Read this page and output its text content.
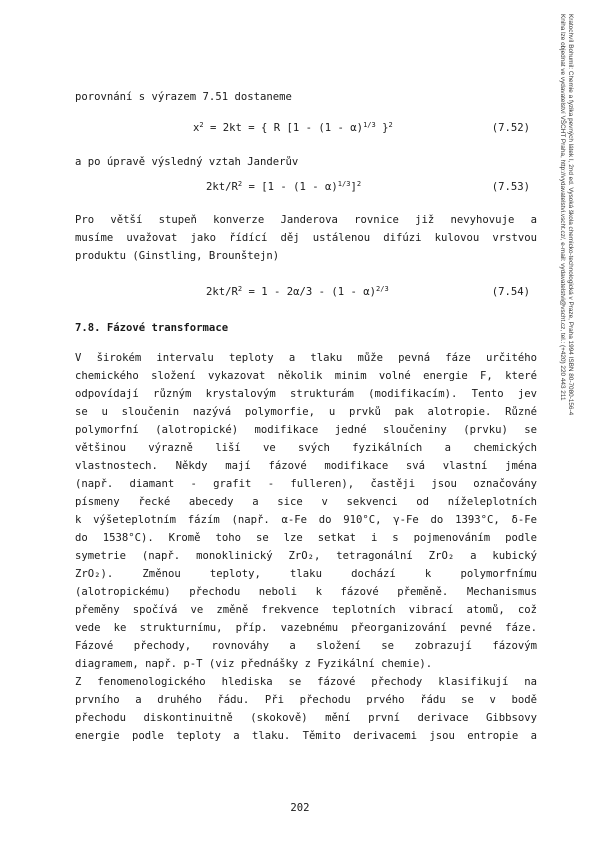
Kratochvíl Bohumil: Chemie a fyzika pevných látek I, 2nd ed. Vysoká škola chemicko-technologická v Praze, Praha 1994 ISBN 80-7080-156-4
Kniha lze objednat ve vydavatelství VŠCHT Praha, http://vydavatelstvi.vscht.cz/, e-mail: vydavatelstvi@vscht.cz, tel.: (+420) 220 443 211
porovnání s výrazem 7.51 dostaneme
$x^2 = 2kt$ = { R [1 - (1 - α)$^{1/3}$ }$^2$	(7.52)
a po úpravě výsledný vztah Janderův
$2kt/R^2 = [1 - (1 - \alpha)^{1/3}]^2$	(7.53)
Pro větší stupeň konverze Janderova rovnice již nevyhovuje a
musíme uvažovat jako řídící děj ustálenou difúzi kulovou vrstvou
produktu (Ginstling, Brounštejn)
$2kt/R^2 = 1 - 2\alpha/3 - (1 - \alpha)^{2/3}$	(7.54)
7.8. Fázové transformace
V širokém intervalu teploty a tlaku může pevná fáze určitého
chemického složení vykazovat několik minim volné energie F, které
odpovídají různým krystalovým strukturám (modifikacím). Tento jev
se u sloučenin nazývá polymorfie, u prvků pak alotropie. Různé
polymorfní (alotropické) modifikace jedné sloučeniny (prvku) se
většinou výrazně liší ve svých fyzikálních a chemických
vlastnostech. Někdy mají fázové modifikace svá vlastní jména
(např. diamant - grafit - fulleren), častěji jsou označovány
písmeny řecké abecedy a sice v sekvenci od níželeplotních
k výšeteplotním fázím (např. α-Fe do 910°C, γ-Fe do 1393°C, δ-Fe
do 1538°C). Kromě toho se lze setkat i s pojmenováním podle
symetrie (např. monoklinický ZrO₂, tetragonální ZrO₂ a kubický
ZrO₂). Změnou teploty, tlaku dochází k polymorfnímu
(alotropickému) přechodu neboli k fázové přeměně. Mechanismus
přeměny spočívá ve změně frekvence teplotních vibrací atomů, což
vede ke strukturnímu, příp. vazebnému přeorganizování pevné fáze.
Fázové přechody, rovnováhy a složení se zobrazují fázovým
diagramem, např. p-T (viz přednášky z Fyzikální chemie).
Z fenomenologického hlediska se fázové přechody klasifikují na
prvního a druhého řádu. Při přechodu prvého řádu se v bodě
přechodu diskontinuitně (skokově) mění první derivace Gibbsovy
energie podle teploty a tlaku. Těmito derivacemi jsou entropie a
202
